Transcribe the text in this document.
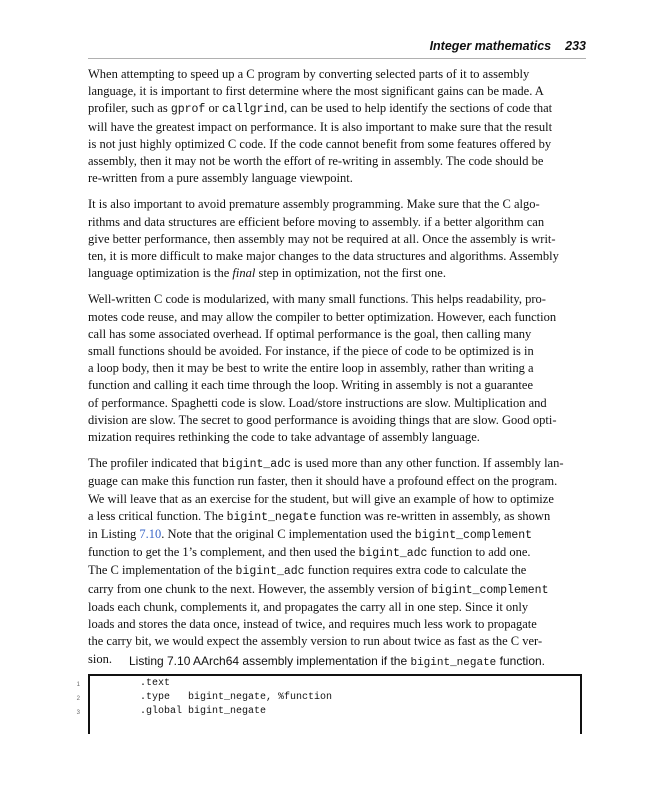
Integer mathematics 233

When attempting to speed up a C program by converting selected parts of it to assembly
language, it is important to first determine where the most significant gains can be made. A
profiler, such as gprof or callgrind, can be used to help identify the sections of code that
will have the greatest impact on performance. It is also important to make sure that the result
is not just highly optimized C code. If the code cannot benefit from some features offered by
assembly, then it may not be worth the effort of re-writing in assembly. The code should be
re-written from a pure assembly language viewpoint.

It is also important to avoid premature assembly programming. Make sure that the C algo-
rithms and data structures are efficient before moving to assembly. if a better algorithm can
give better performance, then assembly may not be required at all. Once the assembly is writ-
ten, it is more difficult to make major changes to the data structures and algorithms. Assembly
language optimization is the final step in optimization, not the first one.

Well-written C code is modularized, with many small functions. This helps readability, pro-
motes code reuse, and may allow the compiler to better optimization. However, each function
call has some associated overhead. If optimal performance is the goal, then calling many
small functions should be avoided. For instance, if the piece of code to be optimized is in
a loop body, then it may be best to write the entire loop in assembly, rather than writing a
function and calling it each time through the loop. Writing in assembly is not a guarantee
of performance. Spaghetti code is slow. Load/store instructions are slow. Multiplication and
division are slow. The secret to good performance is avoiding things that are slow. Good opti-
mization requires rethinking the code to take advantage of assembly language.

The profiler indicated that bigint_adc is used more than any other function. If assembly lan-
guage can make this function run faster, then it should have a profound effect on the program.
We will leave that as an exercise for the student, but will give an example of how to optimize
a less critical function. The bigint_negate function was re-written in assembly, as shown
in Listing 7.10. Note that the original C implementation used the bigint_complement
function to get the 1’s complement, and then used the bigint_adc function to add one.
The C implementation of the bigint_adc function requires extra code to calculate the
carry from one chunk to the next. However, the assembly version of bigint_complement
loads each chunk, complements it, and propagates the carry all in one step. Since it only
loads and stores the data once, instead of twice, and requires much less work to propagate
the carry bit, we would expect the assembly version to run about twice as fast as the C ver-
sion.	Listing 7.10 AArch64 assembly implementation if the bigint_negate function.
1	.text
2	.type   bigint_negate, %function
3	.global bigint_negate
